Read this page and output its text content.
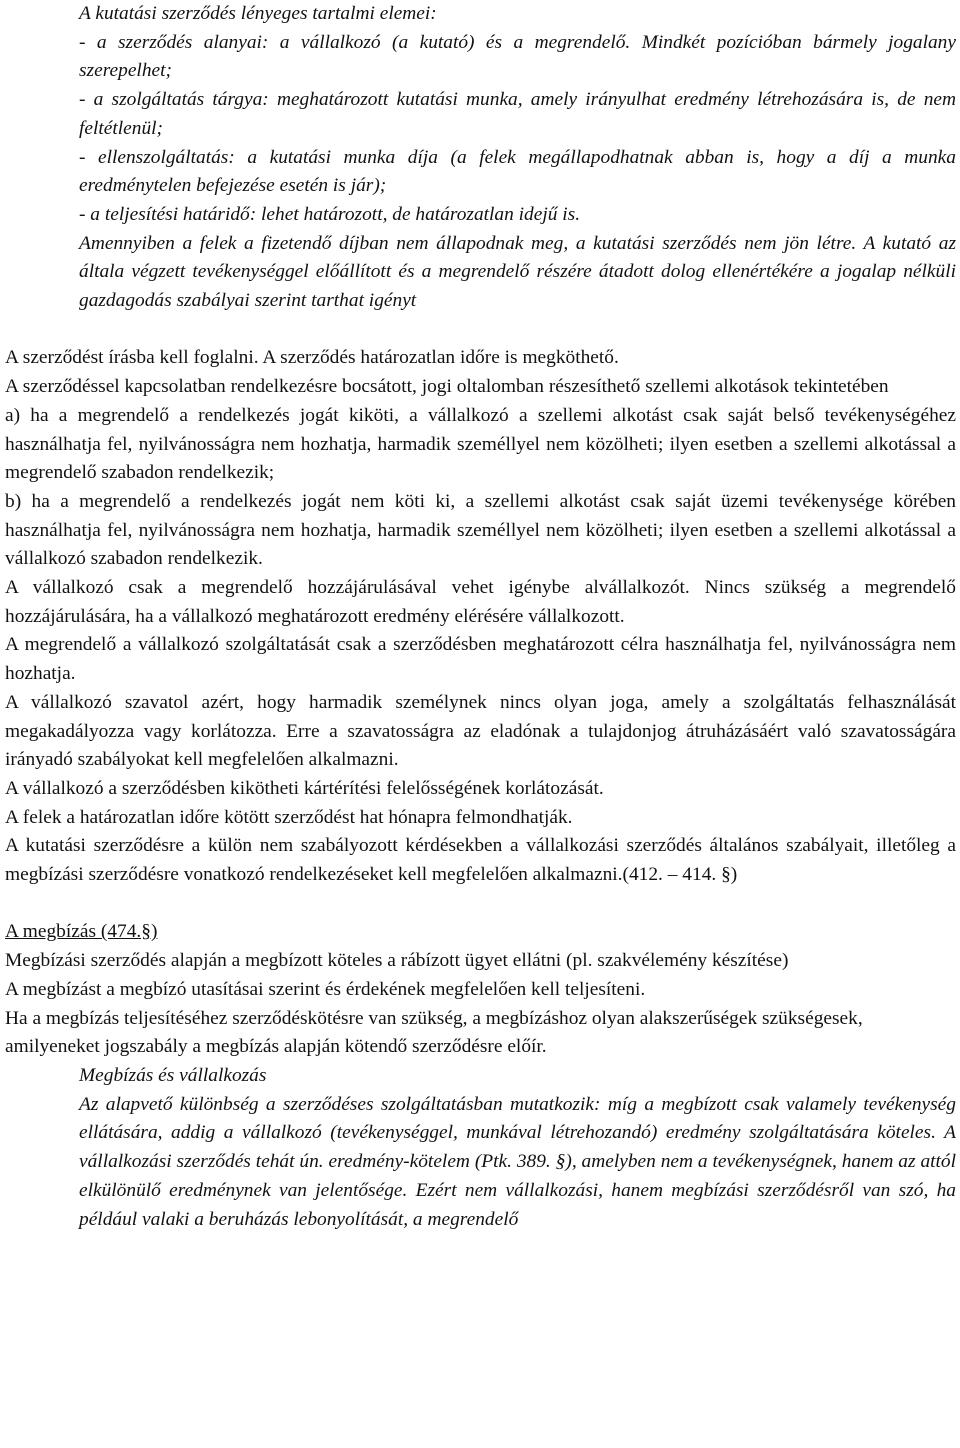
A kutatási szerződés lényeges tartalmi elemei:

- a szerződés alanyai: a vállalkozó (a kutató) és a megrendelő. Mindkét pozícióban bármely jogalany szerepelhet;

- a szolgáltatás tárgya: meghatározott kutatási munka, amely irányulhat eredmény létrehozására is, de nem feltétlenül;

- ellenszolgáltatás: a kutatási munka díja (a felek megállapodhatnak abban is, hogy a díj a munka eredménytelen befejezése esetén is jár);

- a teljesítési határidő: lehet határozott, de határozatlan idejű is.

Amennyiben a felek a fizetendő díjban nem állapodnak meg, a kutatási szerződés nem jön létre. A kutató az általa végzett tevékenységgel előállított és a megrendelő részére átadott dolog ellenértékére a jogalap nélküli gazdagodás szabályai szerint tarthat igényt

A szerződést írásba kell foglalni. A szerződés határozatlan időre is megköthető.

A szerződéssel kapcsolatban rendelkezésre bocsátott, jogi oltalomban részesíthető szellemi alkotások tekintetében

a) ha a megrendelő a rendelkezés jogát kiköti, a vállalkozó a szellemi alkotást csak saját belső tevékenységéhez használhatja fel, nyilvánosságra nem hozhatja, harmadik személlyel nem közölheti; ilyen esetben a szellemi alkotással a megrendelő szabadon rendelkezik;

b) ha a megrendelő a rendelkezés jogát nem köti ki, a szellemi alkotást csak saját üzemi tevékenysége körében használhatja fel, nyilvánosságra nem hozhatja, harmadik személlyel nem közölheti; ilyen esetben a szellemi alkotással a vállalkozó szabadon rendelkezik.

A vállalkozó csak a megrendelő hozzájárulásával vehet igénybe alvállalkozót. Nincs szükség a megrendelő hozzájárulására, ha a vállalkozó meghatározott eredmény elérésére vállalkozott.

A megrendelő a vállalkozó szolgáltatását csak a szerződésben meghatározott célra használhatja fel, nyilvánosságra nem hozhatja.

A vállalkozó szavatol azért, hogy harmadik személynek nincs olyan joga, amely a szolgáltatás felhasználását megakadályozza vagy korlátozza. Erre a szavatosságra az eladónak a tulajdonjog átruházásáért való szavatosságára irányadó szabályokat kell megfelelően alkalmazni.

A vállalkozó a szerződésben kikötheti kártérítési felelősségének korlátozását.

A felek a határozatlan időre kötött szerződést hat hónapra felmondhatják.

A kutatási szerződésre a külön nem szabályozott kérdésekben a vállalkozási szerződés általános szabályait, illetőleg a megbízási szerződésre vonatkozó rendelkezéseket kell megfelelően alkalmazni.(412. – 414. §)

A megbízás (474.§)

Megbízási szerződés alapján a megbízott köteles a rábízott ügyet ellátni (pl. szakvélemény készítése)

A megbízást a megbízó utasításai szerint és érdekének megfelelően kell teljesíteni.

Ha a megbízás teljesítéséhez szerződéskötésre van szükség, a megbízáshoz olyan alakszerűségek szükségesek, amilyeneket jogszabály a megbízás alapján kötendő szerződésre előír.

Megbízás és vállalkozás

Az alapvető különbség a szerződéses szolgáltatásban mutatkozik: míg a megbízott csak valamely tevékenység ellátására, addig a vállalkozó (tevékenységgel, munkával létrehozandó) eredmény szolgáltatására köteles. A vállalkozási szerződés tehát ún. eredmény-kötelem (Ptk. 389. §), amelyben nem a tevékenységnek, hanem az attól elkülönülő eredménynek van jelentősége. Ezért nem vállalkozási, hanem megbízási szerződésről van szó, ha például valaki a beruházás lebonyolítását, a megrendelő
